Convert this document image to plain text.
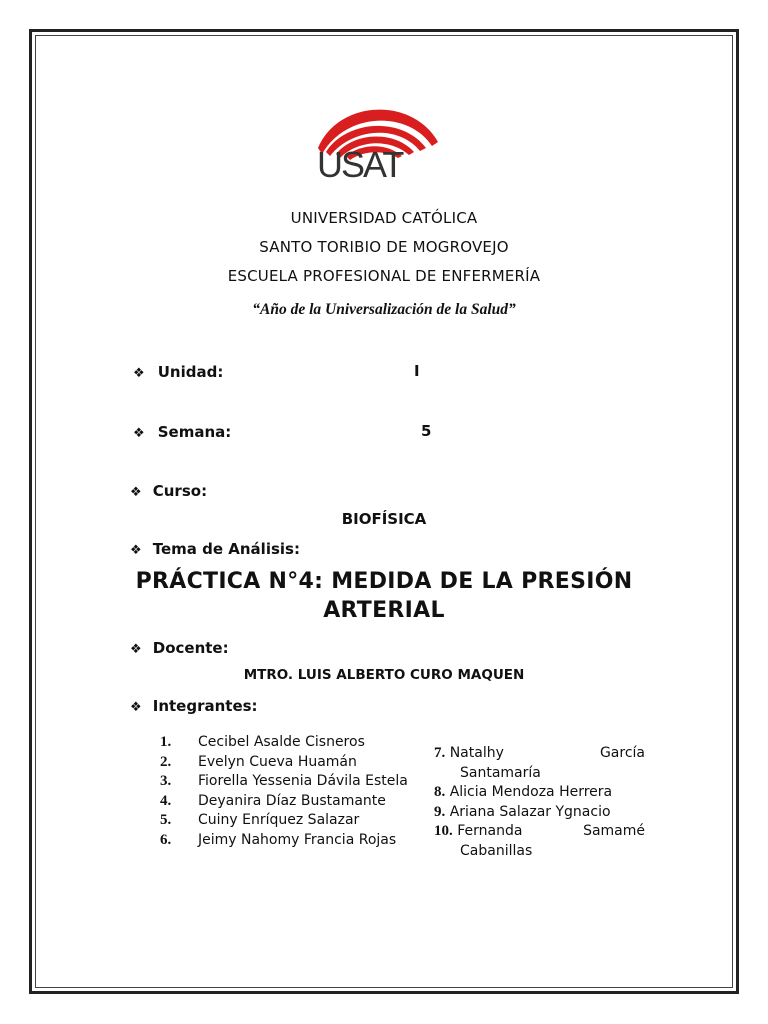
USAT
UNIVERSIDAD CATÓLICA
SANTO TORIBIO DE MOGROVEJO
ESCUELA PROFESIONAL DE ENFERMERÍA
“Año de la Universalización de la Salud”
❖ Unidad:	I
❖ Semana:	5
❖ Curso:
BIOFÍSICA
❖ Tema de Análisis:
PRÁCTICA N°4: MEDIDA DE LA PRESIÓN
ARTERIAL
❖ Docente:
MTRO. LUIS ALBERTO CURO MAQUEN
❖ Integrantes:
1. Cecibel Asalde Cisneros
2. Evelyn Cueva Huamán
3. Fiorella Yessenia Dávila Estela
4. Deyanira Díaz Bustamante
5. Cuiny Enríquez Salazar
6. Jeimy Nahomy Francia Rojas
7. Natalhy	García
Santamaría
8. Alicia Mendoza Herrera
9. Ariana Salazar Ygnacio
10. Fernanda	Samamé
Cabanillas
